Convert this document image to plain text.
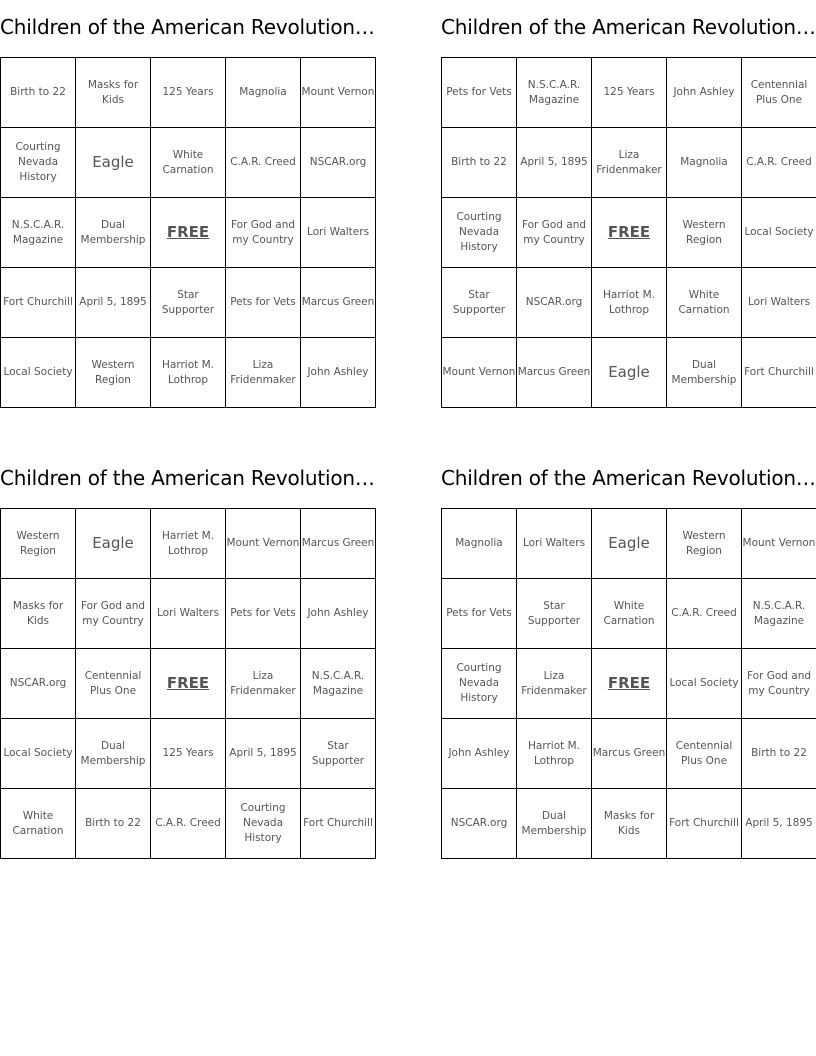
Children of the American Revolution…
Birth to 22	Masks for Kids	125 Years	Magnolia	Mount Vernon
Courting Nevada History	Eagle	White Carnation	C.A.R. Creed	NSCAR.org
N.S.C.A.R. Magazine	Dual Membership	FREE	For God and my Country	Lori Walters
Fort Churchill	April 5, 1895	Star Supporter	Pets for Vets	Marcus Green
Local Society	Western Region	Harriot M. Lothrop	Liza Fridenmaker	John Ashley
Children of the American Revolution…
Pets for Vets	N.S.C.A.R. Magazine	125 Years	John Ashley	Centennial Plus One
Birth to 22	April 5, 1895	Liza Fridenmaker	Magnolia	C.A.R. Creed
Courting Nevada History	For God and my Country	FREE	Western Region	Local Society
Star Supporter	NSCAR.org	Harriot M. Lothrop	White Carnation	Lori Walters
Mount Vernon	Marcus Green	Eagle	Dual Membership	Fort Churchill
Children of the American Revolution…
Western Region	Eagle	Harriet M. Lothrop	Mount Vernon	Marcus Green
Masks for Kids	For God and my Country	Lori Walters	Pets for Vets	John Ashley
NSCAR.org	Centennial Plus One	FREE	Liza Fridenmaker	N.S.C.A.R. Magazine
Local Society	Dual Membership	125 Years	April 5, 1895	Star Supporter
White Carnation	Birth to 22	C.A.R. Creed	Courting Nevada History	Fort Churchill
Children of the American Revolution…
Magnolia	Lori Walters	Eagle	Western Region	Mount Vernon
Pets for Vets	Star Supporter	White Carnation	C.A.R. Creed	N.S.C.A.R. Magazine
Courting Nevada History	Liza Fridenmaker	FREE	Local Society	For God and my Country
John Ashley	Harriot M. Lothrop	Marcus Green	Centennial Plus One	Birth to 22
NSCAR.org	Dual Membership	Masks for Kids	Fort Churchill	April 5, 1895
